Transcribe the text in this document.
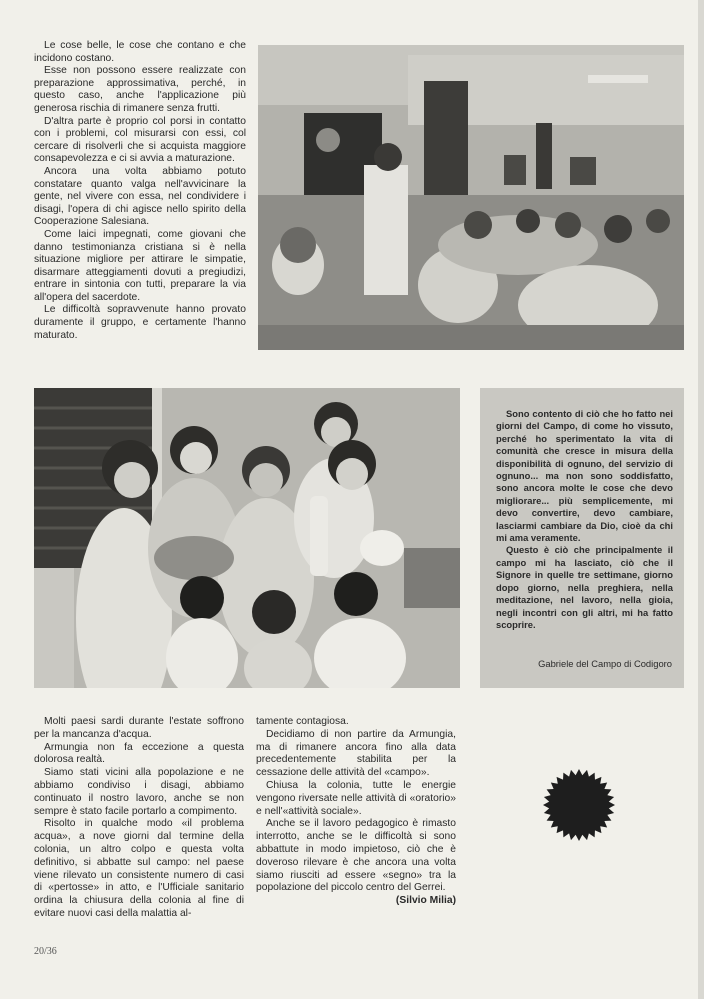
Le cose belle, le cose che contano e che incidono costano.

Esse non possono essere realizzate con preparazione approssimativa, perché, in questo caso, anche l'applicazione più generosa rischia di rimanere senza frutti.

D'altra parte è proprio col porsi in contatto con i problemi, col misurarsi con essi, col cercare di risolverli che si acquista maggiore consapevolezza e ci si avvia a maturazione.

Ancora una volta abbiamo potuto constatare quanto valga nell'avvicinare la gente, nel vivere con essa, nel condividere i disagi, l'opera di chi agisce nello spirito della Cooperazione Salesiana.

Come laici impegnati, come giovani che danno testimonianza cristiana si è nella situazione migliore per attirare le simpatie, disarmare atteggiamenti dovuti a pregiudizi, entrare in sintonia con tutti, preparare la via all'opera del sacerdote.

Le difficoltà sopravvenute hanno provato duramente il gruppo, e certamente l'hanno maturato.

Sono contento di ciò che ho fatto nei giorni del Campo, di come ho vissuto, perché ho sperimentato la vita di comunità che cresce in misura della disponibilità di ognuno, del servizio di ognuno... ma non sono soddisfatto, sono ancora molte le cose che devo migliorare... più semplicemente, mi devo convertire, devo cambiare, lasciarmi cambiare da Dio, cioè da chi mi ama veramente.

Questo è ciò che principalmente il campo mi ha lasciato, ciò che il Signore in quelle tre settimane, giorno dopo giorno, nella preghiera, nella meditazione, nel lavoro, nella gioia, negli incontri con gli altri, mi ha fatto scoprire.

Gabriele del Campo di Codigoro

Molti paesi sardi durante l'estate soffrono per la mancanza d'acqua.

Armungia non fa eccezione a questa dolorosa realtà.

Siamo stati vicini alla popolazione e ne abbiamo condiviso i disagi, abbiamo continuato il nostro lavoro, anche se non sempre è stato facile portarlo a compimento.

Risolto in qualche modo «il problema acqua», a nove giorni dal termine della colonia, un altro colpo e questa volta definitivo, si abbatte sul campo: nel paese viene rilevato un consistente numero di casi di «pertosse» in atto, e l'Ufficiale sanitario ordina la chiusura della colonia al fine di evitare nuovi casi della malattia al-

tamente contagiosa.

Decidiamo di non partire da Armungia, ma di rimanere ancora fino alla data precedentemente stabilita per la cessazione delle attività del «campo».

Chiusa la colonia, tutte le energie vengono riversate nelle attività di «oratorio» e nell'«attività sociale».

Anche se il lavoro pedagogico è rimasto interrotto, anche se le difficoltà si sono abbattute in modo impietoso, ciò che è doveroso rilevare è che ancora una volta siamo riusciti ad essere «segno» tra la popolazione del piccolo centro del Gerrei.

(Silvio Milia)

20/36
